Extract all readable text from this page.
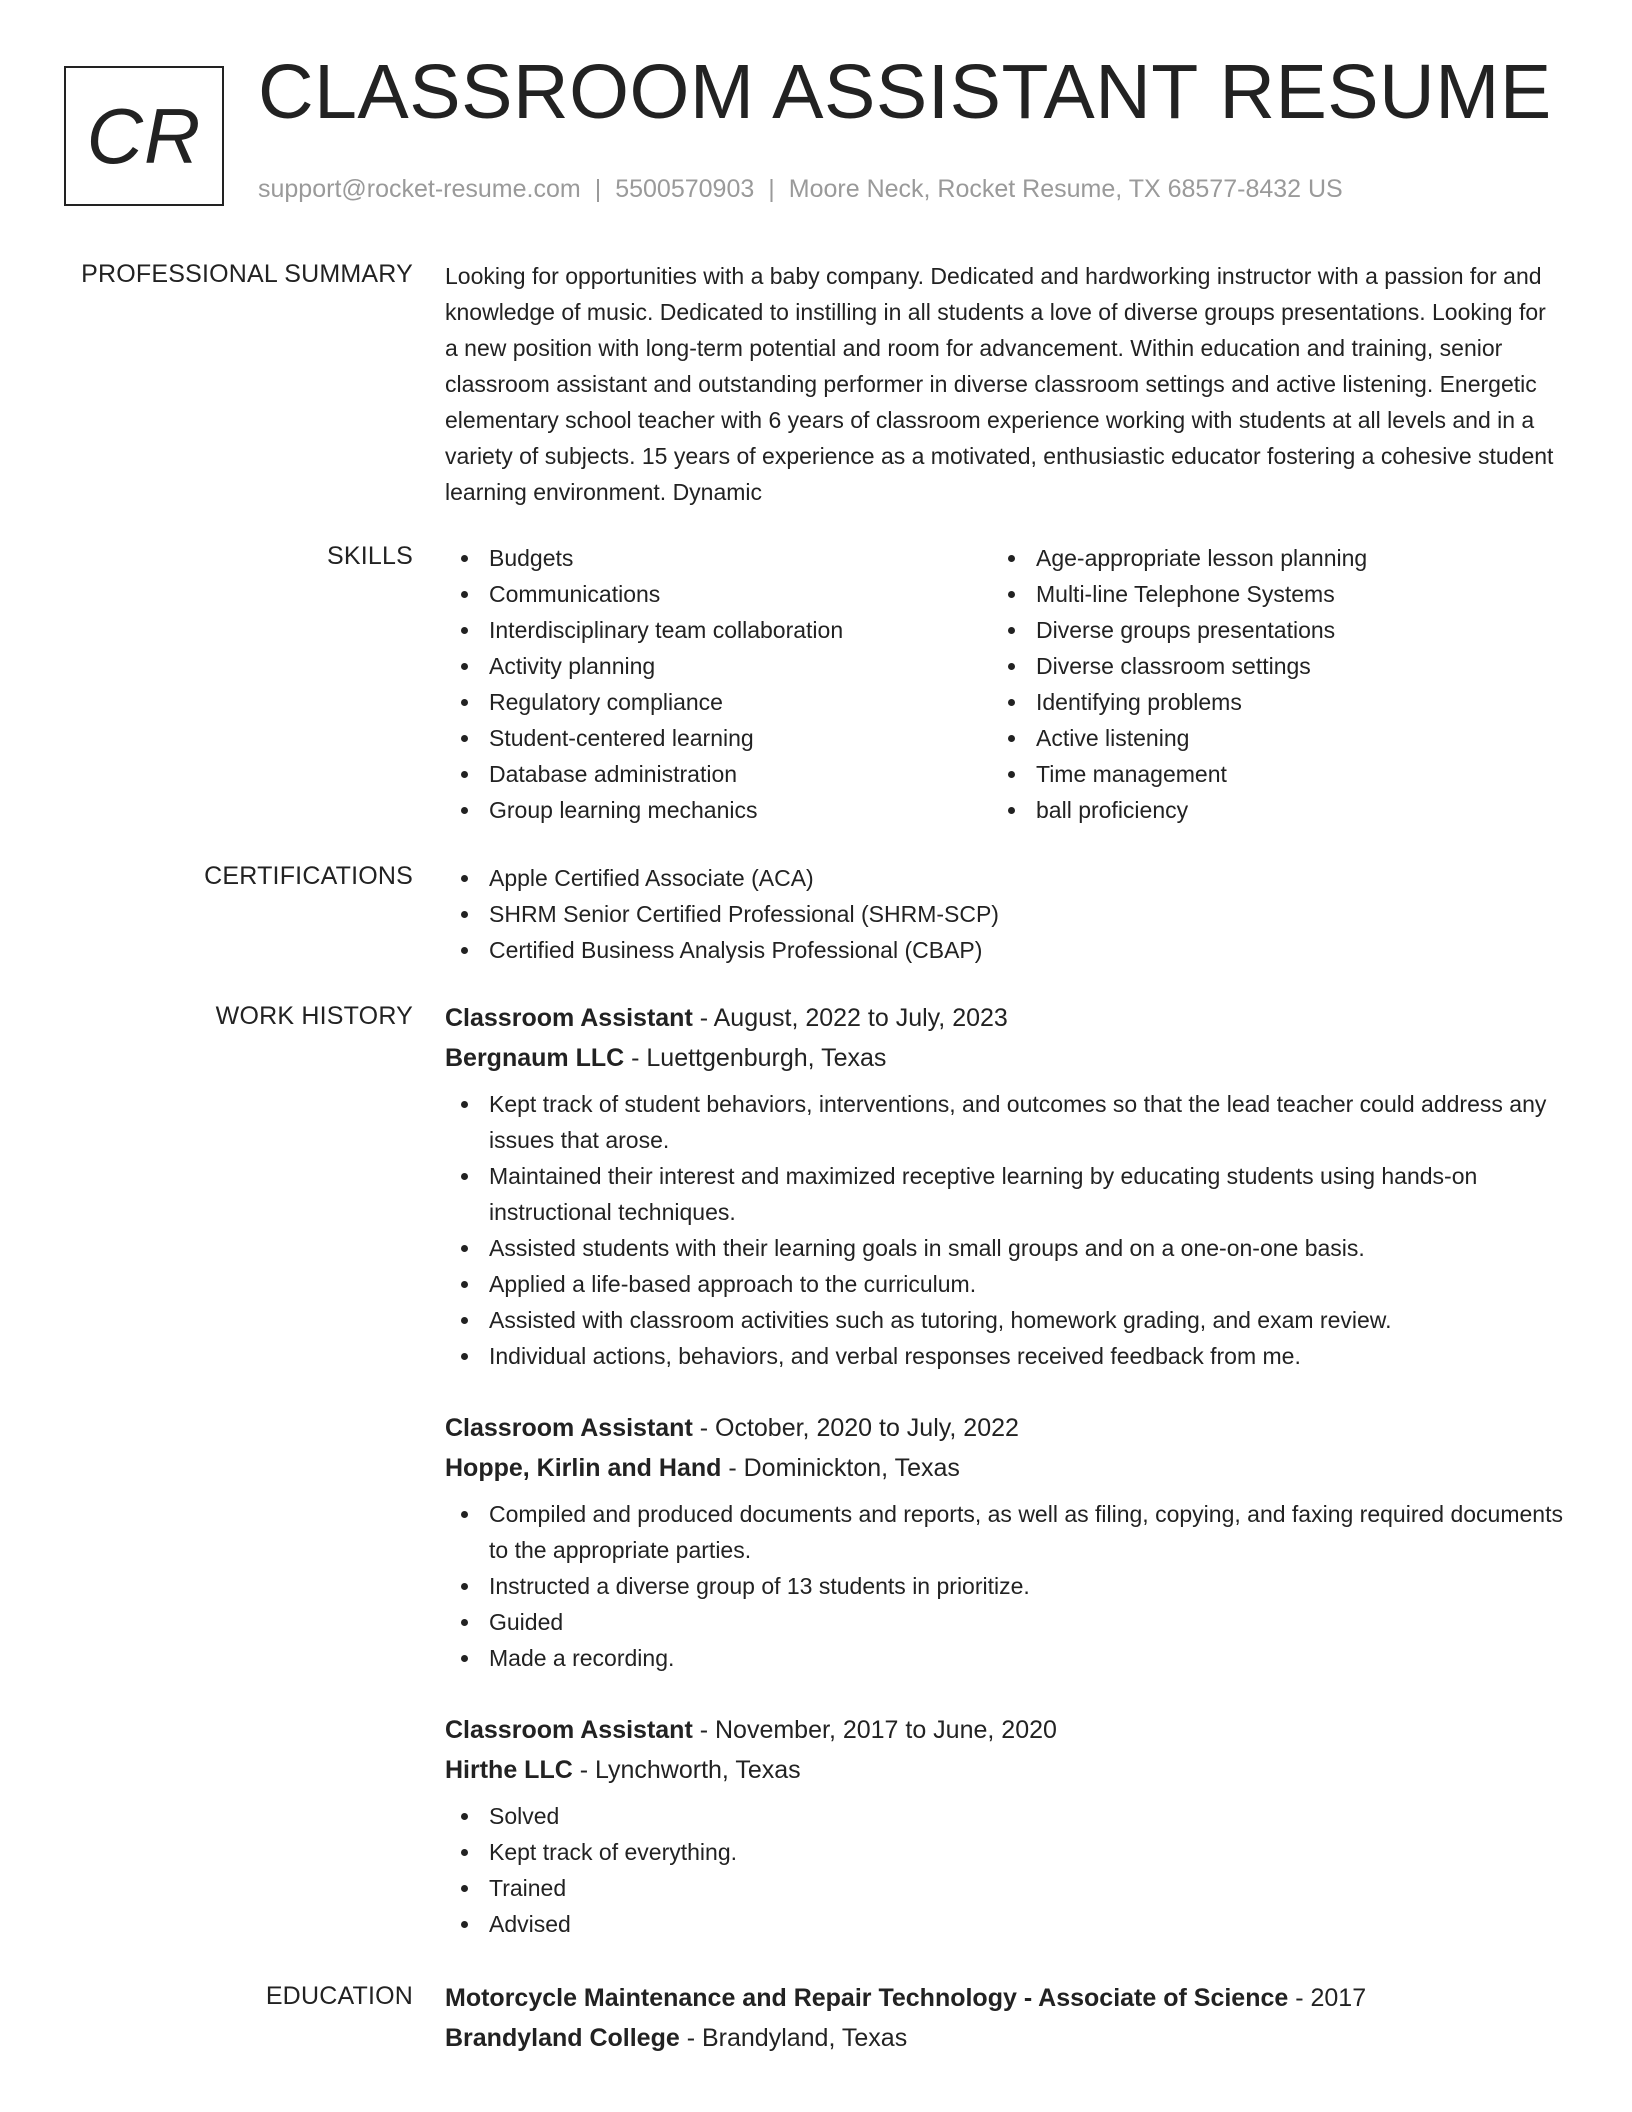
CR CLASSROOM ASSISTANT RESUME
support@rocket-resume.com | 5500570903 | Moore Neck, Rocket Resume, TX 68577-8432 US
PROFESSIONAL SUMMARY Looking for opportunities with a baby company. Dedicated and hardworking instructor with a passion for and knowledge of music. Dedicated to instilling in all students a love of diverse groups presentations. Looking for a new position with long-term potential and room for advancement. Within education and training, senior classroom assistant and outstanding performer in diverse classroom settings and active listening. Energetic elementary school teacher with 6 years of classroom experience working with students at all levels and in a variety of subjects. 15 years of experience as a motivated, enthusiastic educator fostering a cohesive student learning environment. Dynamic
SKILLS	Budgets
Communications
Interdisciplinary team collaboration
Activity planning
Regulatory compliance
Student-centered learning
Database administration
Group learning mechanics
Age-appropriate lesson planning
Multi-line Telephone Systems
Diverse groups presentations
Diverse classroom settings
Identifying problems
Active listening
Time management
ball proficiency
CERTIFICATIONS	Apple Certified Associate (ACA)
SHRM Senior Certified Professional (SHRM-SCP)
Certified Business Analysis Professional (CBAP)
WORK HISTORY Classroom Assistant - August, 2022 to July, 2023
Bergnaum LLC - Luettgenburgh, Texas
Kept track of student behaviors, interventions, and outcomes so that the lead teacher could address any issues that arose.
Maintained their interest and maximized receptive learning by educating students using hands-on instructional techniques.
Assisted students with their learning goals in small groups and on a one-on-one basis.
Applied a life-based approach to the curriculum.
Assisted with classroom activities such as tutoring, homework grading, and exam review.
Individual actions, behaviors, and verbal responses received feedback from me.
Classroom Assistant - October, 2020 to July, 2022
Hoppe, Kirlin and Hand - Dominickton, Texas
Compiled and produced documents and reports, as well as filing, copying, and faxing required documents to the appropriate parties.
Instructed a diverse group of 13 students in prioritize.
Guided
Made a recording.
Classroom Assistant - November, 2017 to June, 2020
Hirthe LLC - Lynchworth, Texas
Solved
Kept track of everything.
Trained
Advised
EDUCATION Motorcycle Maintenance and Repair Technology - Associate of Science - 2017
Brandyland College - Brandyland, Texas
